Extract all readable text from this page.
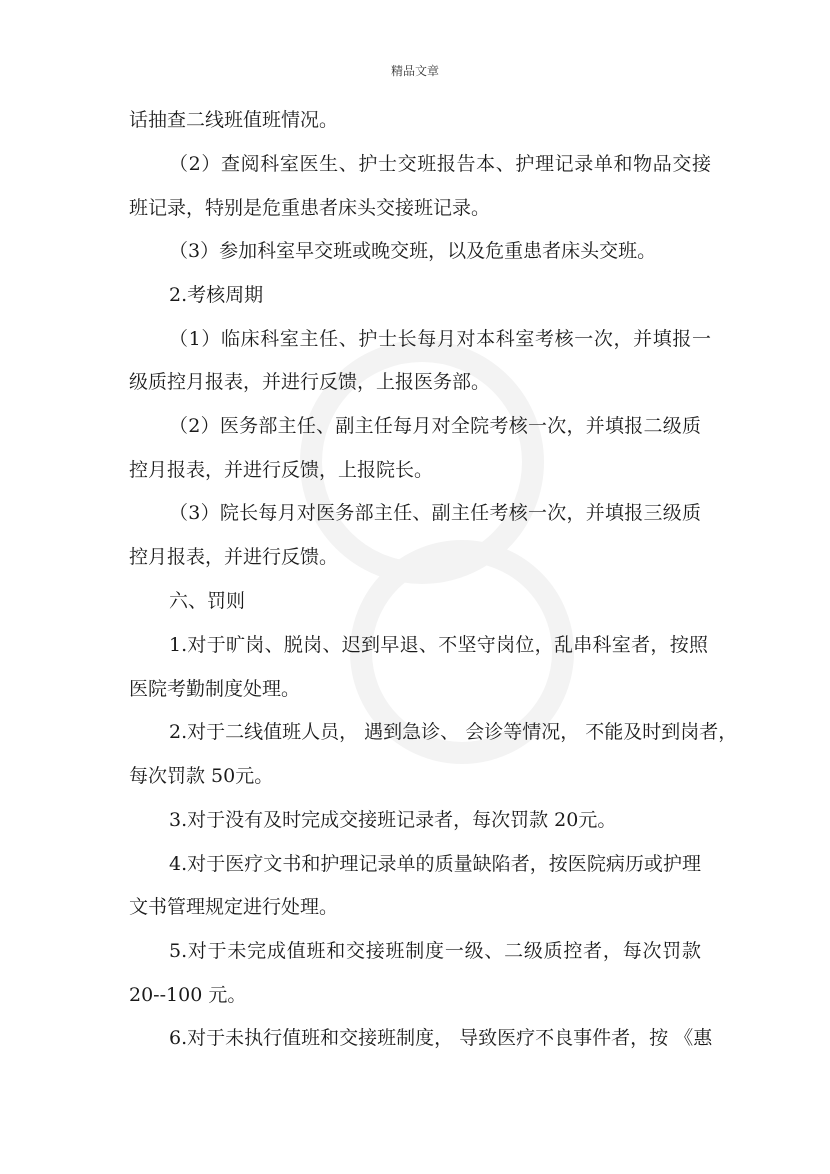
精品文章
话抽查二线班值班情况。
（2）查阅科室医生、护士交班报告本、护理记录单和物品交接
班记录，特别是危重患者床头交接班记录。
（3）参加科室早交班或晚交班，以及危重患者床头交班。
2.考核周期
（1）临床科室主任、护士长每月对本科室考核一次，并填报一
级质控月报表，并进行反馈，上报医务部。
（2）医务部主任、副主任每月对全院考核一次，并填报二级质
控月报表，并进行反馈，上报院长。
（3）院长每月对医务部主任、副主任考核一次，并填报三级质
控月报表，并进行反馈。
六、罚则
1.对于旷岗、脱岗、迟到早退、不坚守岗位，乱串科室者，按照
医院考勤制度处理。
2.对于二线值班人员， 遇到急诊、 会诊等情况， 不能及时到岗者，
每次罚款 50元。
3.对于没有及时完成交接班记录者，每次罚款 20元。
4.对于医疗文书和护理记录单的质量缺陷者，按医院病历或护理
文书管理规定进行处理。
5.对于未完成值班和交接班制度一级、二级质控者，每次罚款
20--100 元。
6.对于未执行值班和交接班制度， 导致医疗不良事件者，按 《惠
